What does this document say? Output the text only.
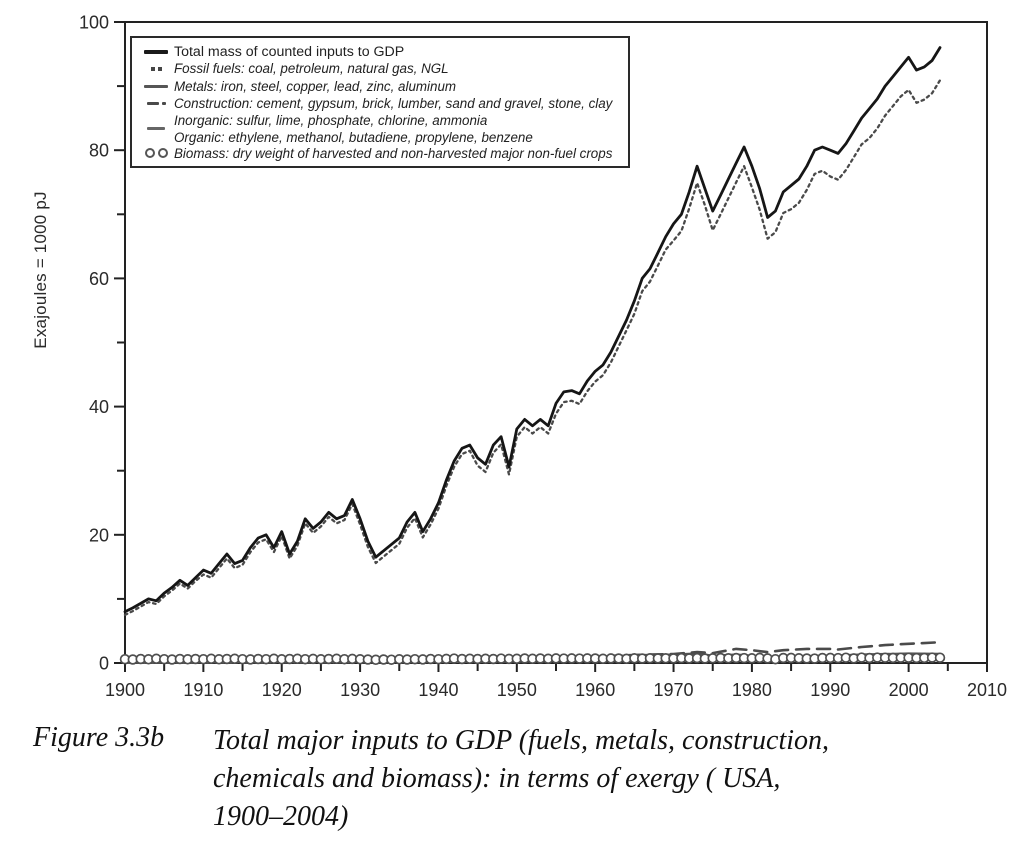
1900 1910 1920 1930 1940 1950 1960 1970 1980 1990 2000 2010
0
20
40
60
80
100
Exajoules = 1000 pJ
Total mass of counted inputs to GDP
Fossil fuels: coal, petroleum, natural gas, NGL
Metals: iron, steel, copper, lead, zinc, aluminum
Construction: cement, gypsum, brick, lumber, sand and gravel, stone, clay
Inorganic: sulfur, lime, phosphate, chlorine, ammonia
Organic: ethylene, methanol, butadiene, propylene, benzene
Biomass: dry weight of harvested and non-harvested major non-fuel crops
Figure 3.3b Total major inputs to GDP (fuels, metals, construction,
chemicals and biomass): in terms of exergy ( USA,
1900–2004)
